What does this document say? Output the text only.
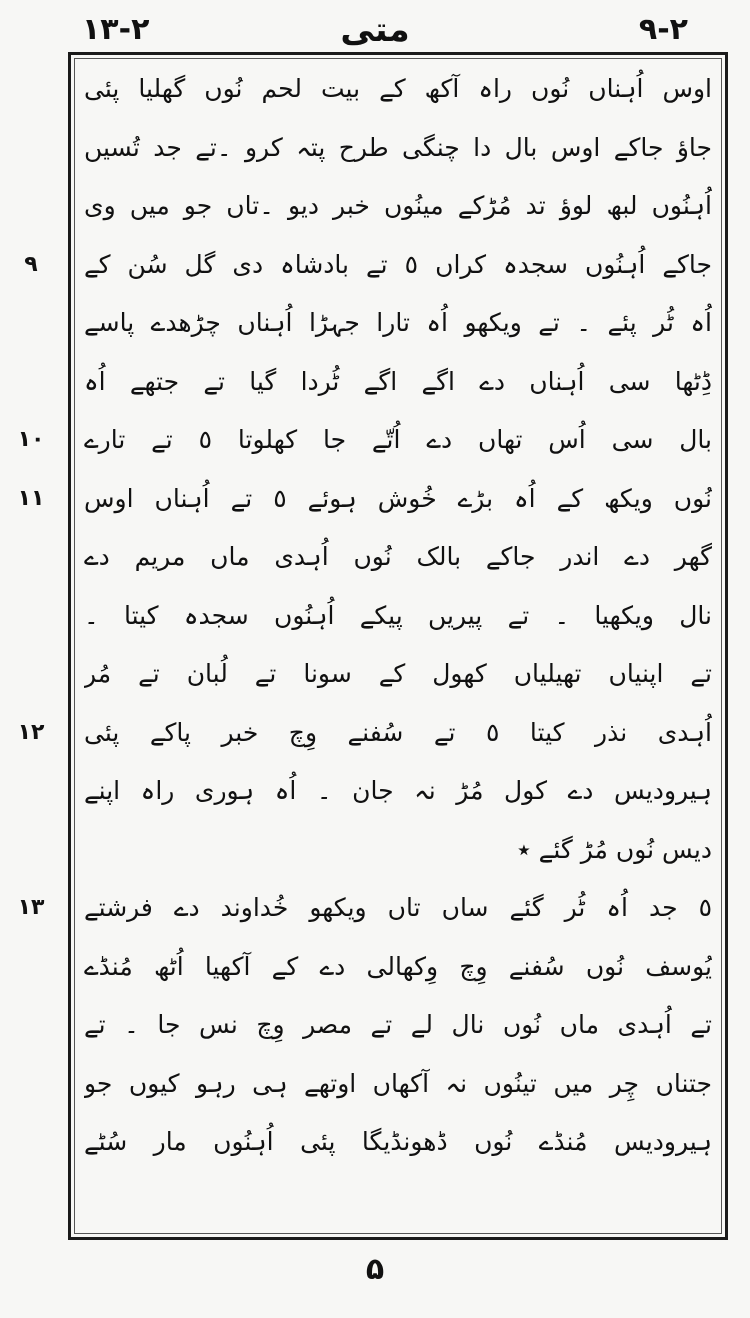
۱۳-۲	متی	۹-۲
اوس اُہناں نُوں راہ آکھ کے بیت لحم نُوں گھلیا پئی
جاؤ جاکے اوس بال دا چنگی طرح پتہ کرو ۔تے جد تُسیں
اُہنُوں لبھ لوؤ تد مُڑکے مینُوں خبر دیو ۔تاں جو میں وی
جاکے اُہنُوں سجدہ کراں ٥ تے بادشاہ دی گل سُن کے
اُہ ٹُر پئے ۔ تے ویکھو اُہ تارا جہڑا اُہناں چڑھدے پاسے
ڈِٹھا سی اُہناں دے اگے اگے ٹُردا گیا تے جتھے اُہ
بال سی اُس تھاں دے اُتّے جا کھلوتا ٥ تے تارے
نُوں ویکھ کے اُہ بڑے خُوش ہوئے ٥ تے اُہناں اوس
گھر دے اندر جاکے بالک نُوں اُہدی ماں مریم دے
نال ویکھیا ۔ تے پیریں پیکے اُہنُوں سجدہ کیتا ۔
تے اپنیاں تھیلیاں کھول کے سونا تے لُبان تے مُر
اُہدی نذر کیتا ٥ تے سُفنے وِچ خبر پاکے پئی
ہیرودیس دے کول مُڑ نہ جان ۔ اُہ ہوری راہ اپنے
دیس نُوں مُڑ گئے ٭
٥ جد اُہ ٹُر گئے ساں تاں ویکھو خُداوند دے فرشتے
یُوسف نُوں سُفنے وِچ وِکھالی دے کے آکھیا اُٹھ مُنڈے
تے اُہدی ماں نُوں نال لے تے مصر وِچ نس جا ۔ تے
جتناں چِر میں تینُوں نہ آکھاں اوتھے ہی رہو کیوں جو
ہیرودیس مُنڈے نُوں ڈھونڈیگا پئی اُہنُوں مار سُٹے
۹
۱۰
۱۱
۱۲
۱۳
۵
